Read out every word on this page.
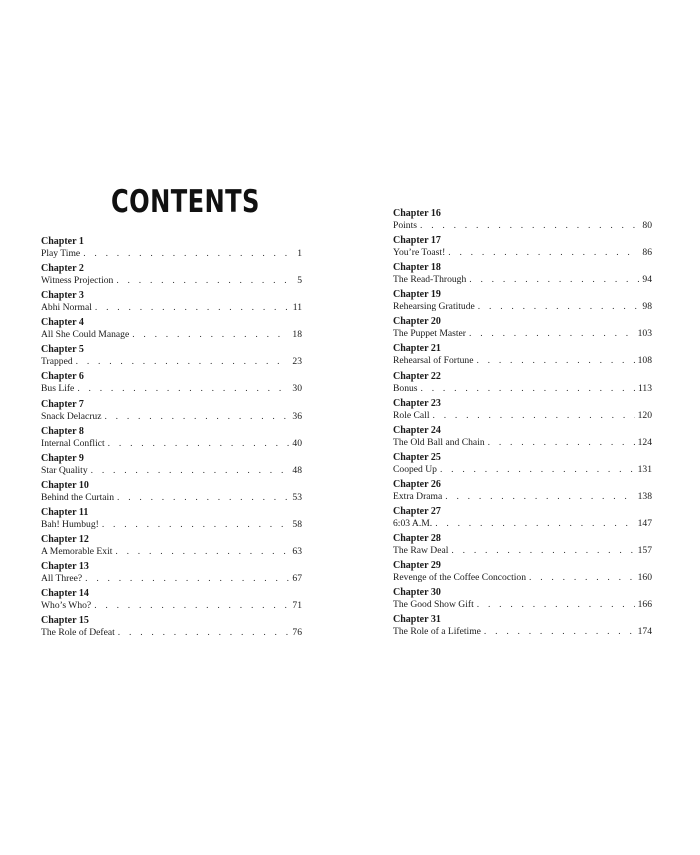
CONTENTS
Chapter 1
Play Time . . .	1
Chapter 2
Witness Projection . . .	5
Chapter 3
Abhi Normal . . .	11
Chapter 4
All She Could Manage . . .	18
Chapter 5
Trapped . . .	23
Chapter 6
Bus Life . . .	30
Chapter 7
Snack Delacruz . . .	36
Chapter 8
Internal Conflict . . .	40
Chapter 9
Star Quality . . .	48
Chapter 10
Behind the Curtain . . .	53
Chapter 11
Bah! Humbug! . . .	58
Chapter 12
A Memorable Exit . . .	63
Chapter 13
All Three? . . .	67
Chapter 14
Who’s Who? . . .	71
Chapter 15
The Role of Defeat . . .	76
Chapter 16
Points . . .	80
Chapter 17
You’re Toast! . . .	86
Chapter 18
The Read-Through . . .	94
Chapter 19
Rehearsing Gratitude . . .	98
Chapter 20
The Puppet Master . . .	103
Chapter 21
Rehearsal of Fortune . . .	108
Chapter 22
Bonus . . .	113
Chapter 23
Role Call . . .	120
Chapter 24
The Old Ball and Chain . . .	124
Chapter 25
Cooped Up . . .	131
Chapter 26
Extra Drama . . .	138
Chapter 27
6:03 A.M. . . .	147
Chapter 28
The Raw Deal . . .	157
Chapter 29
Revenge of the Coffee Concoction . . .	160
Chapter 30
The Good Show Gift . . .	166
Chapter 31
The Role of a Lifetime . . .	174
